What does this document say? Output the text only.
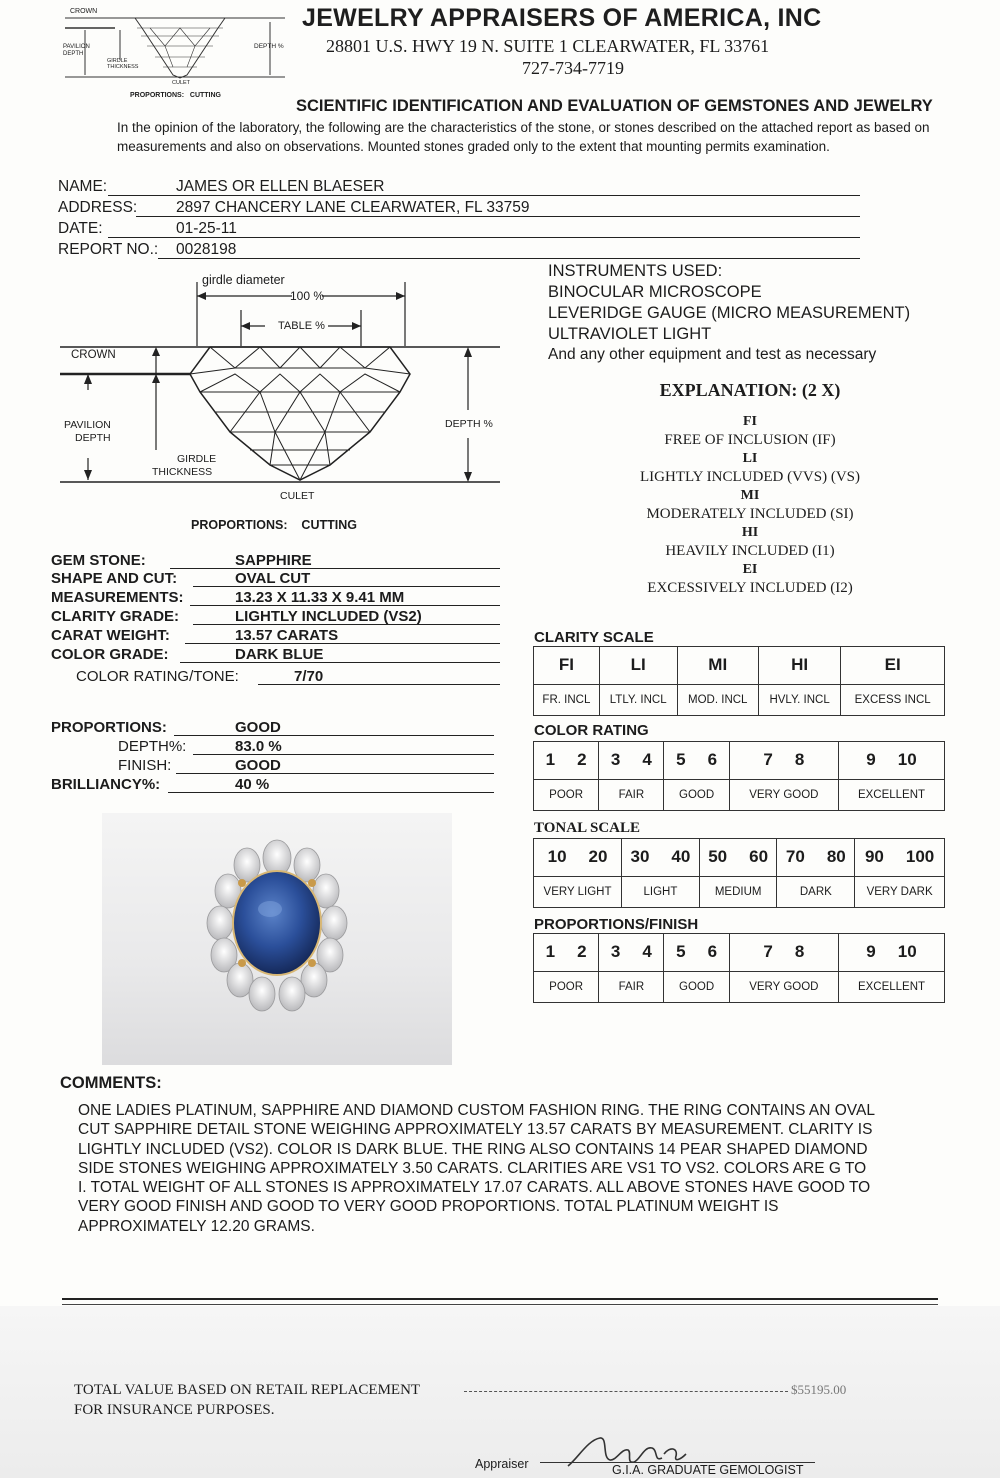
CROWN
PAVILION DEPTH
GIRDLE THICKNESS
DEPTH %
CULET
PROPORTIONS:   CUTTING
JEWELRY APPRAISERS OF AMERICA, INC
28801 U.S. HWY 19 N. SUITE 1 CLEARWATER, FL 33761
727-734-7719
SCIENTIFIC IDENTIFICATION AND EVALUATION OF GEMSTONES AND JEWELRY
In the opinion of the laboratory, the following are the characteristics of the stone, or stones described on the attached report as based on
measurements and also on observations. Mounted stones graded only to the extent that mounting permits examination.
NAME:	JAMES OR ELLEN BLAESER
ADDRESS:	2897 CHANCERY LANE CLEARWATER, FL 33759
DATE:	01-25-11
REPORT NO.: 0028198
girdle diameter
100 %
TABLE %
CROWN
PAVILION
DEPTH
GIRDLE
THICKNESS
DEPTH %
CULET
PROPORTIONS:    CUTTING
INSTRUMENTS USED:
BINOCULAR MICROSCOPE
LEVERIDGE GAUGE (MICRO MEASUREMENT)
ULTRAVIOLET LIGHT
And any other equipment and test as necessary
EXPLANATION: (2 X)
FI
FREE OF INCLUSION (IF)
LI
LIGHTLY INCLUDED (VVS) (VS)
MI
MODERATELY INCLUDED (SI)
HI
HEAVILY INCLUDED (I1)
EI
EXCESSIVELY INCLUDED (I2)
GEM STONE:	SAPPHIRE
SHAPE AND CUT:	OVAL CUT
MEASUREMENTS:	13.23 X 11.33 X 9.41 MM
CLARITY GRADE:	LIGHTLY INCLUDED (VS2)
CARAT WEIGHT:	13.57 CARATS
COLOR GRADE:	DARK BLUE
COLOR RATING/TONE:	7/70
PROPORTIONS:	GOOD
DEPTH%:	83.0 %
FINISH:	GOOD
BRILLIANCY%:	40 %
CLARITY SCALE
FI	LI	MI	HI	EI
FR. INCL	LTLY. INCL	MOD. INCL	HVLY. INCL	EXCESS INCL
COLOR RATING
1 2	3 4	5 6	7 8	9 10

POOR	FAIR	GOOD	VERY GOOD	EXCELLENT
TONAL SCALE
10 20	30 40	50 60	70 80	90 100

VERY LIGHT	LIGHT	MEDIUM	DARK	VERY DARK
PROPORTIONS/FINISH
1 2	3 4	5 6	7 8	9 10

POOR	FAIR	GOOD	VERY GOOD	EXCELLENT
COMMENTS:
ONE LADIES PLATINUM, SAPPHIRE AND DIAMOND CUSTOM FASHION RING. THE RING CONTAINS AN OVAL
CUT SAPPHIRE DETAIL STONE WEIGHING APPROXIMATELY 13.57 CARATS BY MEASUREMENT. CLARITY IS
LIGHTLY INCLUDED (VS2). COLOR IS DARK BLUE. THE RING ALSO CONTAINS 14 PEAR SHAPED DIAMOND
SIDE STONES WEIGHING APPROXIMATELY 3.50 CARATS. CLARITIES ARE VS1 TO VS2. COLORS ARE G TO
I. TOTAL WEIGHT OF ALL STONES IS APPROXIMATELY 17.07 CARATS. ALL ABOVE STONES HAVE GOOD TO
VERY GOOD FINISH AND GOOD TO VERY GOOD PROPORTIONS. TOTAL PLATINUM WEIGHT IS
APPROXIMATELY 12.20 GRAMS.
TOTAL VALUE BASED ON RETAIL REPLACEMENT	$55195.00
FOR INSURANCE PURPOSES.
Appraiser	G.I.A. GRADUATE GEMOLOGIST
